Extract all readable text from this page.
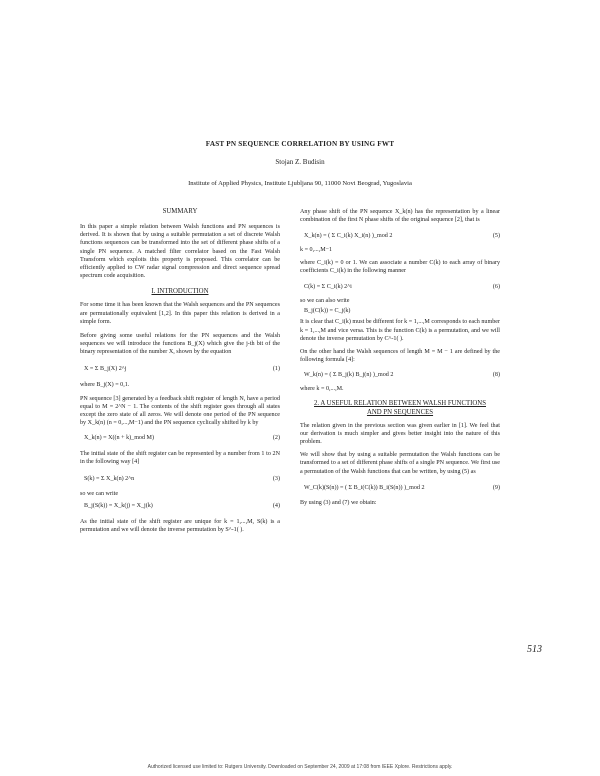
FAST PN SEQUENCE CORRELATION BY USING FWT
Stojan Z. Budisin
Institute of Applied Physics, Institute Ljubljana 90, 11000 Novi Beograd, Yugoslavia
SUMMARY

In this paper a simple relation between Walsh functions and PN sequences is derived. It is shown that by using a suitable permutation a set of discrete Walsh functions sequences can be transformed into the set of different phase shifts of a single PN sequence. A matched filter correlator based on the Fast Walsh Transform which exploits this property is proposed. This correlator can be efficiently applied to CW radar signal compression and direct sequence spread spectrum code acquisition.

I. INTRODUCTION

For some time it has been known that the Walsh sequences and the PN sequences are permutationally equivalent [1,2]. In this paper this relation is derived in a simple form.

Before giving some useful relations for the PN sequences and the Walsh sequences we will introduce the functions B_j(X) which give the j-th bit of the binary representation of the number X, shown by the equation

X = Σ B_j(X) 2^j	(1)

where B_j(X) = 0,1.

PN sequence [3] generated by a feedback shift register of length N, have a period equal to M = 2^N − 1. The contents of the shift register goes through all states except the zero state of all zeros. We will denote one period of the PN sequence by X_k(n) (n = 0,...,M−1) and the PN sequence cyclically shifted by k by

X_k(n) = X((n + k)_mod M)	(2)

The initial state of the shift register can be represented by a number from 1 to 2N in the following way [4]

S(k) = Σ X_k(n) 2^n	(3)

so we can write

B_j(S(k)) = X_k(j) = X_j(k)	(4)

As the initial state of the shift register are unique for k = 1,...,M, S(k) is a permutation and we will denote the inverse permutation by S^-1( ).

Any phase shift of the PN sequence X_k(n) has the representation by a linear combination of the first N phase shifts of the original sequence [2], that is

X_k(n) = ( Σ C_i(k) X_i(n) )_mod 2	(5)

k = 0,...,M−1

where C_i(k) = 0 or 1. We can associate a number C(k) to each array of binary coefficients C_i(k) in the following manner

C(k) = Σ C_i(k) 2^i	(6)

so we can also write

B_j(C(k)) = C_j(k)

It is clear that C_i(k) must be different for k = 1,...,M corresponds to each number k = 1,...,M and vice versa. This is the function C(k) is a permutation, and we will denote the inverse permutation by C^-1( ).

On the other hand the Walsh sequences of length M = M − 1 are defined by the following formula [4]:

W_k(n) = ( Σ B_j(k) B_j(n) )_mod 2	(8)

where k = 0,...,M.

2. A USEFUL RELATION BETWEEN WALSH FUNCTIONS
AND PN SEQUENCES

The relation given in the previous section was given earlier in [1]. We feel that our derivation is much simpler and gives better insight into the nature of this problem.

We will show that by using a suitable permutation the Walsh functions can be transformed to a set of different phase shifts of a single PN sequence. We first use a permutation of the Walsh functions that can be written, by using (5) as

W_C(k)(S(n)) = ( Σ B_i(C(k)) B_i(S(n)) )_mod 2	(9)

By using (3) and (7) we obtain:

513
Authorized licensed use limited to: Rutgers University. Downloaded on September 24, 2009 at 17:08 from IEEE Xplore. Restrictions apply.
